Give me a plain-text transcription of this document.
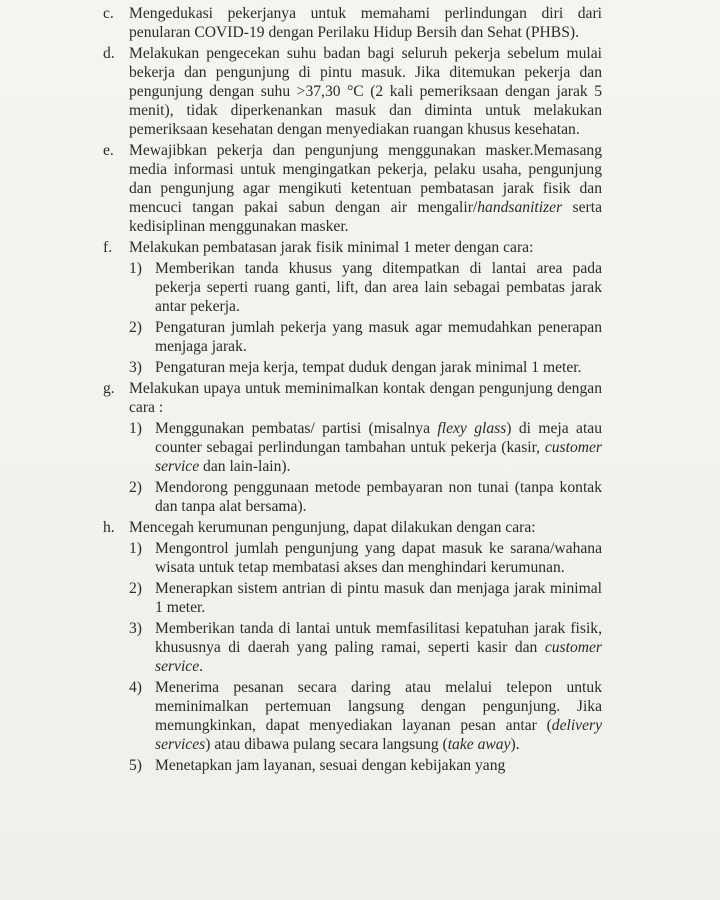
c. Mengedukasi pekerjanya untuk memahami perlindungan diri dari penularan COVID-19 dengan Perilaku Hidup Bersih dan Sehat (PHBS).
d. Melakukan pengecekan suhu badan bagi seluruh pekerja sebelum mulai bekerja dan pengunjung di pintu masuk. Jika ditemukan pekerja dan pengunjung dengan suhu >37,30 °C (2 kali pemeriksaan dengan jarak 5 menit), tidak diperkenankan masuk dan diminta untuk melakukan pemeriksaan kesehatan dengan menyediakan ruangan khusus kesehatan.
e. Mewajibkan pekerja dan pengunjung menggunakan masker.Memasang media informasi untuk mengingatkan pekerja, pelaku usaha, pengunjung dan pengunjung agar mengikuti ketentuan pembatasan jarak fisik dan mencuci tangan pakai sabun dengan air mengalir/handsanitizer serta kedisiplinan menggunakan masker.
f.	Melakukan pembatasan jarak fisik minimal 1 meter dengan cara:
1) Memberikan tanda khusus yang ditempatkan di lantai area pada pekerja seperti ruang ganti, lift, dan area lain sebagai pembatas jarak antar pekerja.
2) Pengaturan jumlah pekerja yang masuk agar memudahkan penerapan menjaga jarak.
3) Pengaturan meja kerja, tempat duduk dengan jarak minimal 1 meter.
g. Melakukan upaya untuk meminimalkan kontak dengan pengunjung dengan cara :
1) Menggunakan pembatas/ partisi (misalnya flexy glass) di meja atau counter sebagai perlindungan tambahan untuk pekerja (kasir, customer service dan lain-lain).
2) Mendorong penggunaan metode pembayaran non tunai (tanpa kontak dan tanpa alat bersama).
h. Mencegah kerumunan pengunjung, dapat dilakukan dengan cara:
1) Mengontrol jumlah pengunjung yang dapat masuk ke sarana/wahana wisata untuk tetap membatasi akses dan menghindari kerumunan.
2) Menerapkan sistem antrian di pintu masuk dan menjaga jarak minimal 1 meter.
3) Memberikan tanda di lantai untuk memfasilitasi kepatuhan jarak fisik, khususnya di daerah yang paling ramai, seperti kasir dan customer service.
4) Menerima pesanan secara daring atau melalui telepon untuk meminimalkan pertemuan langsung dengan pengunjung. Jika memungkinkan, dapat menyediakan layanan pesan antar (delivery services) atau dibawa pulang secara langsung (take away).
5) Menetapkan jam layanan, sesuai dengan kebijakan yang
